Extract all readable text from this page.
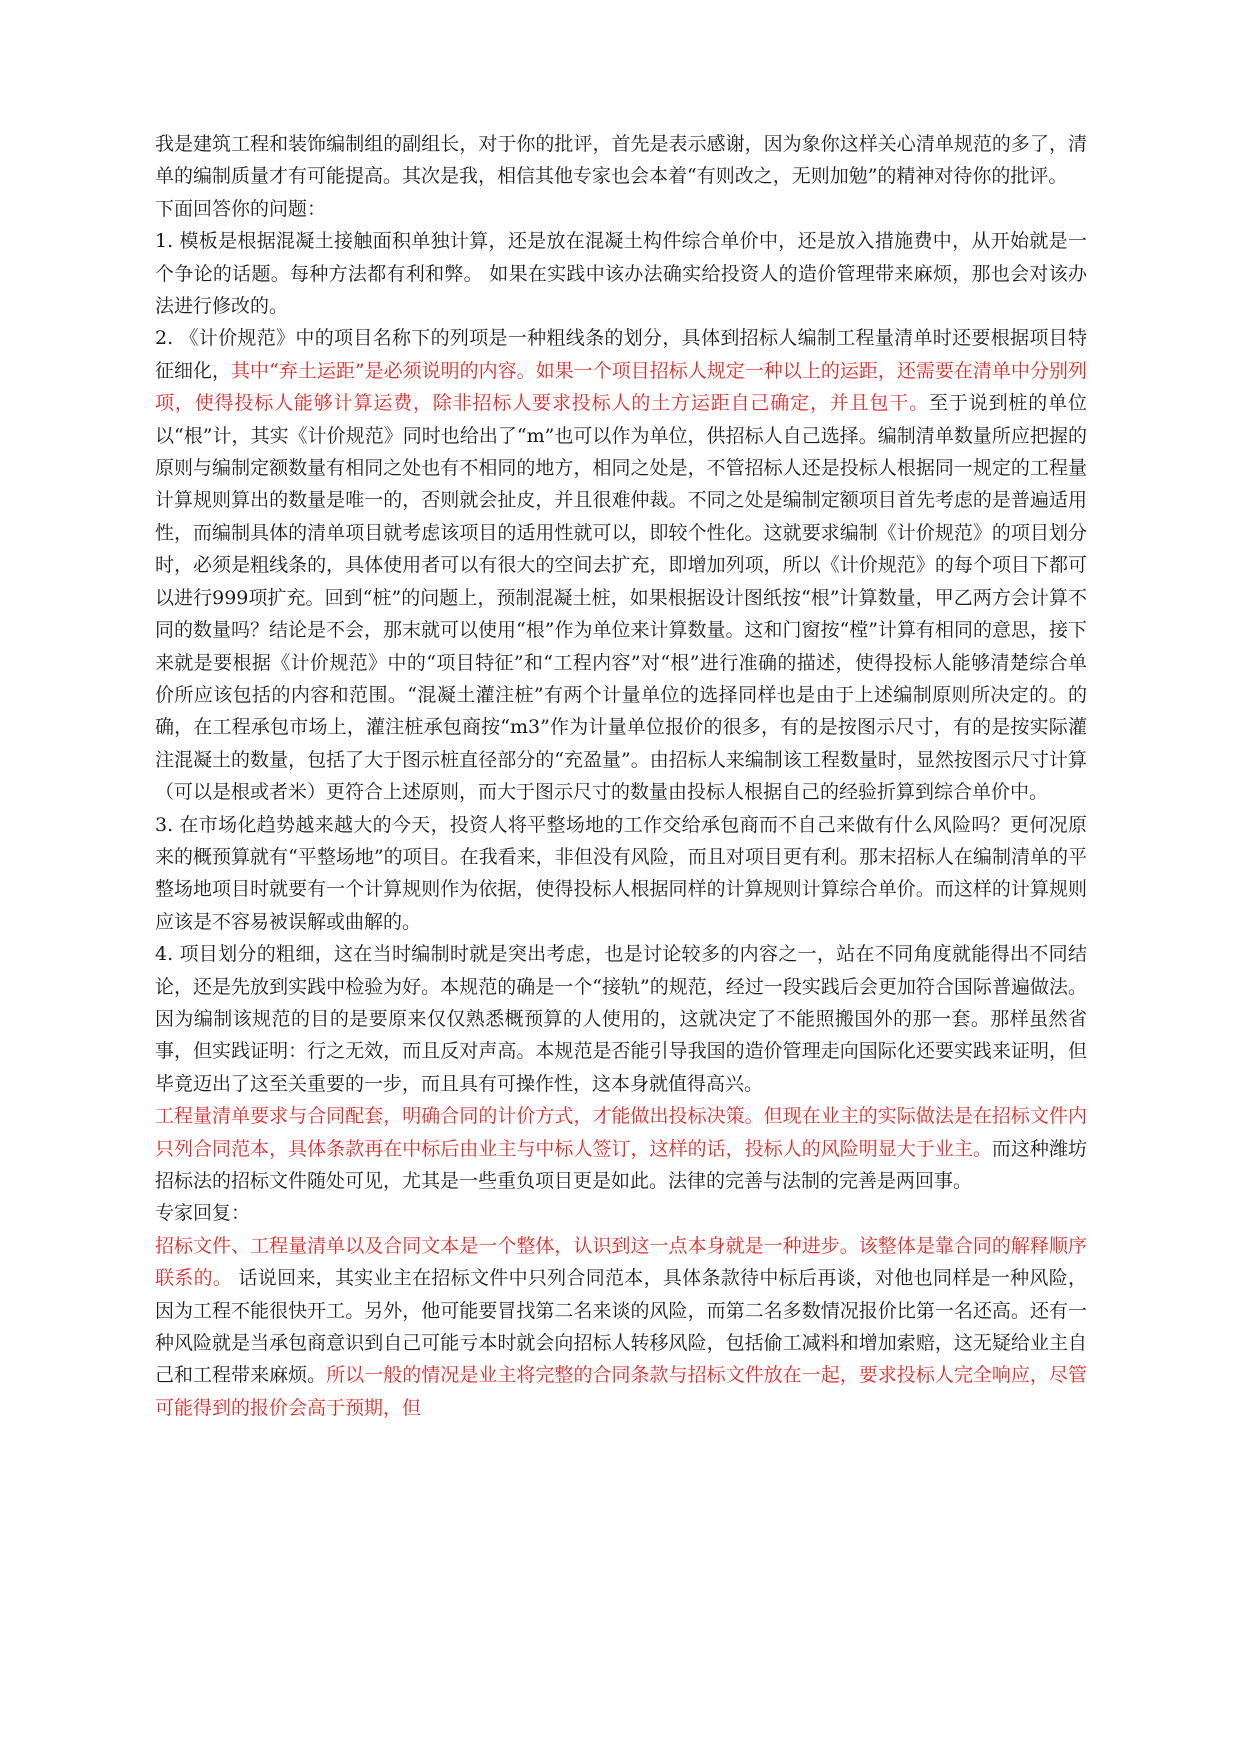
我是建筑工程和装饰编制组的副组长，对于你的批评，首先是表示感谢，因为象你这样关心清单规范的多了，清单的编制质量才有可能提高。其次是我，相信其他专家也会本着“有则改之，无则加勉”的精神对待你的批评。

下面回答你的问题：

1. 模板是根据混凝土接触面积单独计算，还是放在混凝土构件综合单价中，还是放入措施费中，从开始就是一个争论的话题。每种方法都有利和弊。 如果在实践中该办法确实给投资人的造价管理带来麻烦，那也会对该办法进行修改的。

2. 《计价规范》中的项目名称下的列项是一种粗线条的划分，具体到招标人编制工程量清单时还要根据项目特征细化，其中“弃土运距”是必须说明的内容。如果一个项目招标人规定一种以上的运距，还需要在清单中分别列项，使得投标人能够计算运费，除非招标人要求投标人的土方运距自己确定，并且包干。至于说到桩的单位以“根”计，其实《计价规范》同时也给出了“m”也可以作为单位，供招标人自己选择。编制清单数量所应把握的原则与编制定额数量有相同之处也有不相同的地方，相同之处是，不管招标人还是投标人根据同一规定的工程量计算规则算出的数量是唯一的，否则就会扯皮，并且很难仲裁。不同之处是编制定额项目首先考虑的是普遍适用性，而编制具体的清单项目就考虑该项目的适用性就可以，即较个性化。这就要求编制《计价规范》的项目划分时，必须是粗线条的，具体使用者可以有很大的空间去扩充，即增加列项，所以《计价规范》的每个项目下都可以进行999项扩充。回到“桩”的问题上，预制混凝土桩，如果根据设计图纸按“根”计算数量，甲乙两方会计算不同的数量吗？结论是不会，那末就可以使用“根”作为单位来计算数量。这和门窗按“樘”计算有相同的意思，接下来就是要根据《计价规范》中的“项目特征”和“工程内容”对“根”进行准确的描述，使得投标人能够清楚综合单价所应该包括的内容和范围。“混凝土灌注桩”有两个计量单位的选择同样也是由于上述编制原则所决定的。的确，在工程承包市场上，灌注桩承包商按“m3”作为计量单位报价的很多，有的是按图示尺寸，有的是按实际灌注混凝土的数量，包括了大于图示桩直径部分的“充盈量”。由招标人来编制该工程数量时，显然按图示尺寸计算（可以是根或者米）更符合上述原则，而大于图示尺寸的数量由投标人根据自己的经验折算到综合单价中。

3. 在市场化趋势越来越大的今天，投资人将平整场地的工作交给承包商而不自己来做有什么风险吗？更何况原来的概预算就有“平整场地”的项目。在我看来，非但没有风险，而且对项目更有利。那末招标人在编制清单的平整场地项目时就要有一个计算规则作为依据，使得投标人根据同样的计算规则计算综合单价。而这样的计算规则应该是不容易被误解或曲解的。

4. 项目划分的粗细，这在当时编制时就是突出考虑，也是讨论较多的内容之一，站在不同角度就能得出不同结论，还是先放到实践中检验为好。本规范的确是一个“接轨”的规范，经过一段实践后会更加符合国际普遍做法。因为编制该规范的目的是要原来仅仅熟悉概预算的人使用的，这就决定了不能照搬国外的那一套。那样虽然省事，但实践证明：行之无效，而且反对声高。本规范是否能引导我国的造价管理走向国际化还要实践来证明，但毕竟迈出了这至关重要的一步，而且具有可操作性，这本身就值得高兴。

工程量清单要求与合同配套，明确合同的计价方式，才能做出投标决策。但现在业主的实际做法是在招标文件内只列合同范本，具体条款再在中标后由业主与中标人签订，这样的话，投标人的风险明显大于业主。而这种潍坊招标法的招标文件随处可见，尤其是一些重负项目更是如此。法律的完善与法制的完善是两回事。

专家回复：

招标文件、工程量清单以及合同文本是一个整体，认识到这一点本身就是一种进步。该整体是靠合同的解释顺序联系的。 话说回来，其实业主在招标文件中只列合同范本，具体条款待中标后再谈，对他也同样是一种风险，因为工程不能很快开工。另外，他可能要冒找第二名来谈的风险，而第二名多数情况报价比第一名还高。还有一种风险就是当承包商意识到自己可能亏本时就会向招标人转移风险，包括偷工减料和增加索赔，这无疑给业主自己和工程带来麻烦。所以一般的情况是业主将完整的合同条款与招标文件放在一起，要求投标人完全响应，尽管可能得到的报价会高于预期，但
